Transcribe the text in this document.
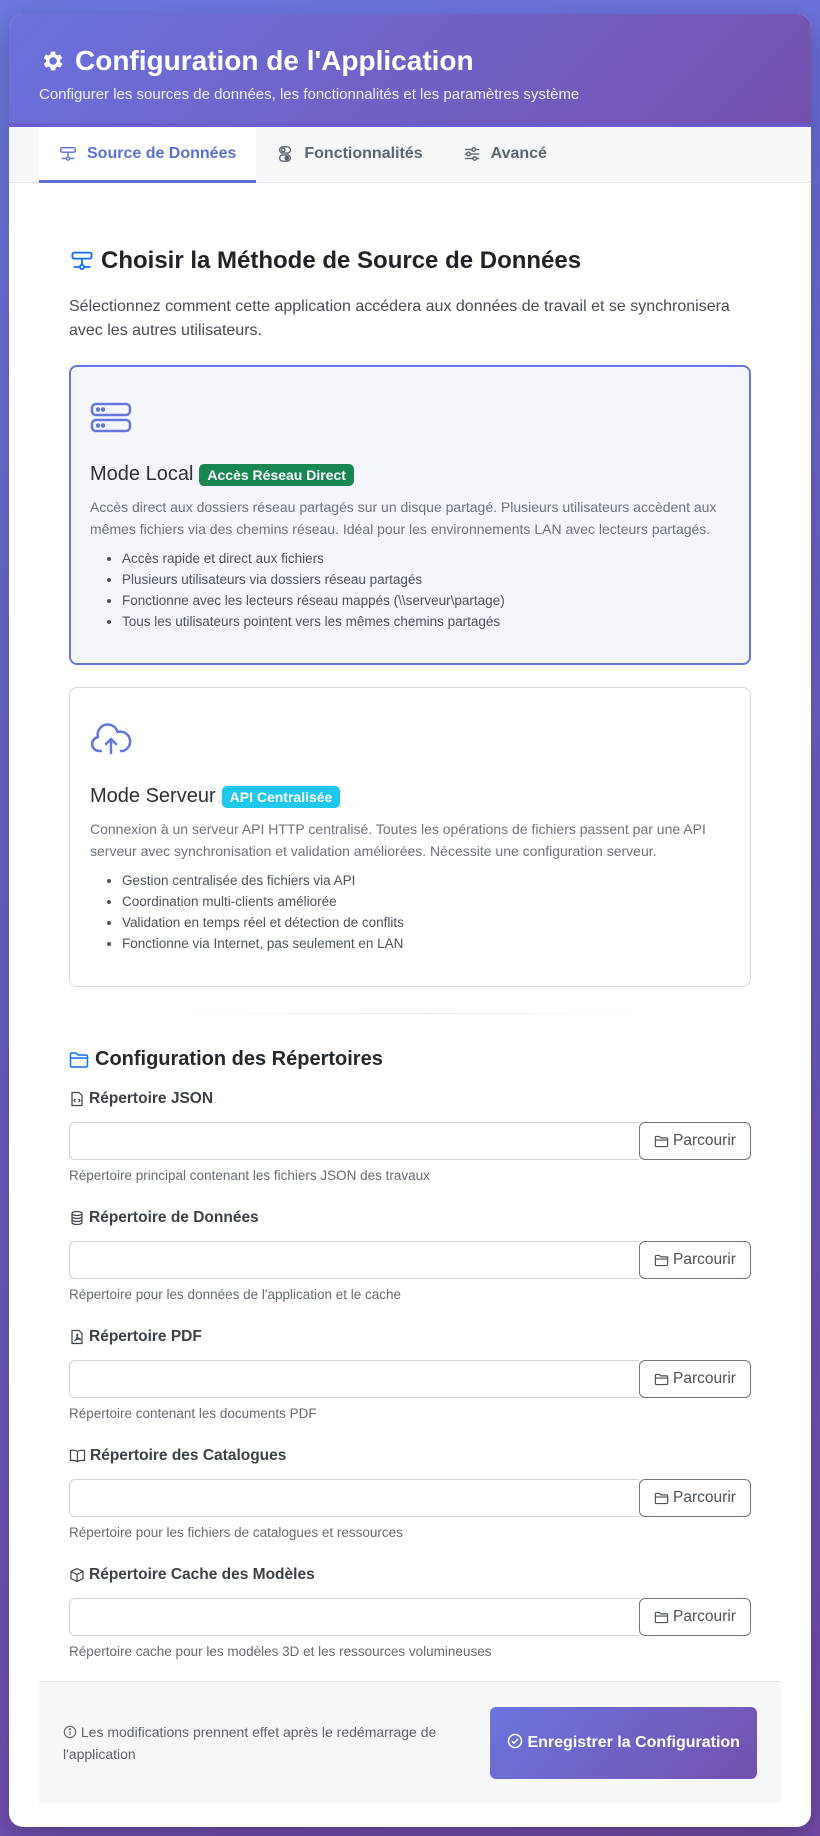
Configuration de l'Application

Configurer les sources de données, les fonctionnalités et les paramètres système

Source de Données	Fonctionnalités	Avancé
Choisir la Méthode de Source de Données

Sélectionnez comment cette application accédera aux données de travail et se synchronisera avec les autres utilisateurs.

Mode Local	Accès Réseau Direct

Accès direct aux dossiers réseau partagés sur un disque partagé. Plusieurs utilisateurs accèdent aux mêmes fichiers via des chemins réseau. Idéal pour les environnements LAN avec lecteurs partagés.

• Accès rapide et direct aux fichiers
• Plusieurs utilisateurs via dossiers réseau partagés
• Fonctionne avec les lecteurs réseau mappés (\\serveur\partage)
• Tous les utilisateurs pointent vers les mêmes chemins partagés
Mode Serveur	API Centralisée

Connexion à un serveur API HTTP centralisé. Toutes les opérations de fichiers passent par une API serveur avec synchronisation et validation améliorées. Nécessite une configuration serveur.

• Gestion centralisée des fichiers via API
• Coordination multi-clients améliorée
• Validation en temps réel et détection de conflits
• Fonctionne via Internet, pas seulement en LAN
Configuration des Répertoires
Répertoire JSON
Parcourir
Répertoire principal contenant les fichiers JSON des travaux
Répertoire de Données
Parcourir
Répertoire pour les données de l'application et le cache
Répertoire PDF
Parcourir
Répertoire contenant les documents PDF
Répertoire des Catalogues
Parcourir
Répertoire pour les fichiers de catalogues et ressources
Répertoire Cache des Modèles
Parcourir
Répertoire cache pour les modèles 3D et les ressources volumineuses
Les modifications prennent effet après le redémarrage de l'application
Enregistrer la Configuration
